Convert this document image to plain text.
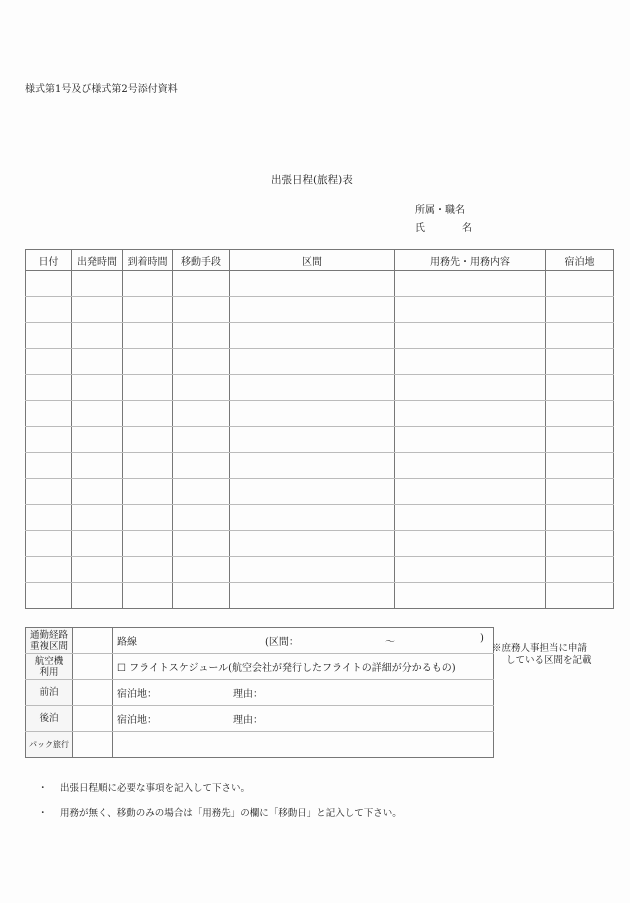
様式第1号及び様式第2号添付資料
出張日程(旅程)表
所属・職名
氏	名
日付	出発時間	到着時間	移動手段	区間	用務先・用務内容	宿泊地

通勤経路
重複区間		路線	(区間：	～	)

航空機
利用		☐ フライトスケジュール(航空会社が発行したフライトの詳細が分かるもの)
前泊		宿泊地： 理由：

後泊		宿泊地： 理由：

パック旅行		
※庶務人事担当に申請
している区間を記載
・ 出張日程順に必要な事項を記入して下さい。
・ 用務が無く、移動のみの場合は「用務先」の欄に「移動日」と記入して下さい。
